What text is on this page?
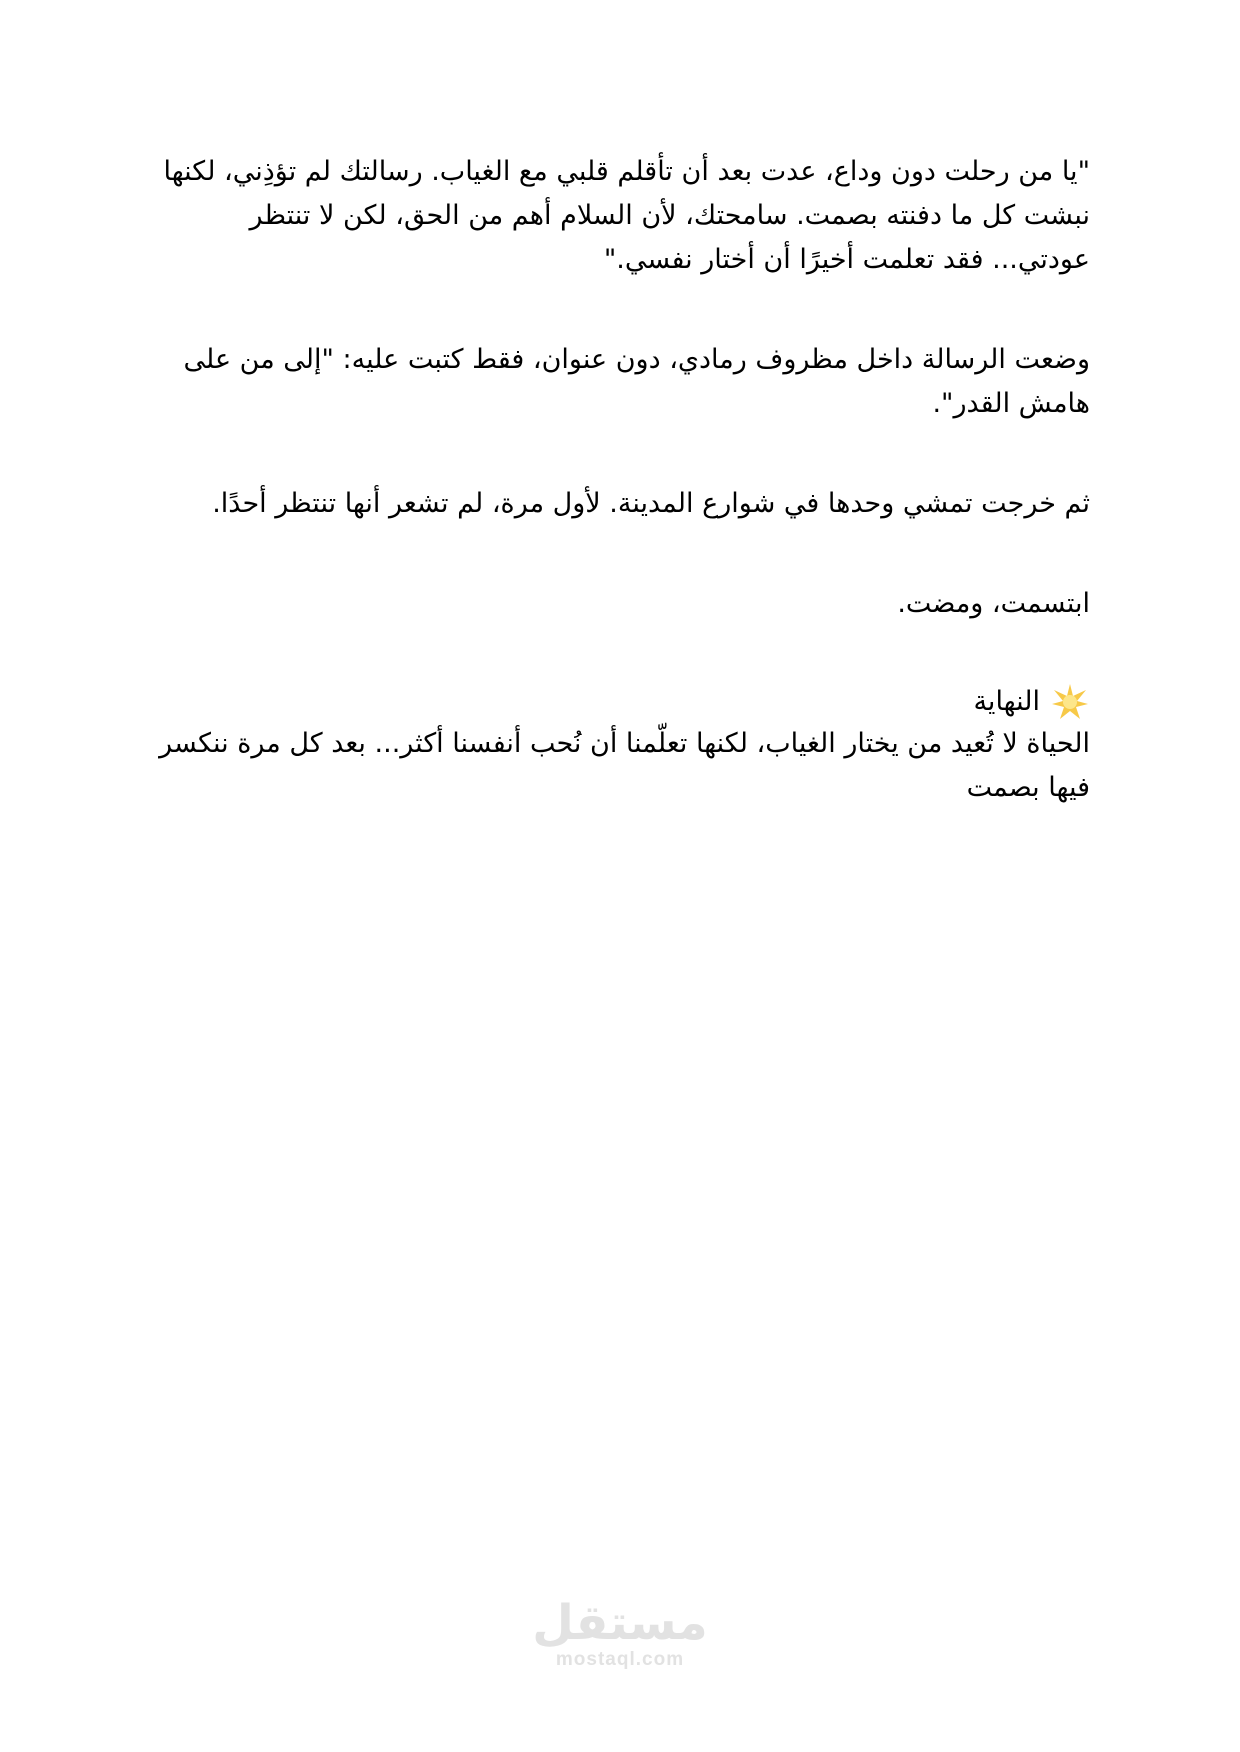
"يا من رحلت دون وداع، عدت بعد أن تأقلم قلبي مع الغياب. رسالتك لم تؤذِني، لكنها نبشت كل ما دفنته بصمت. سامحتك، لأن السلام أهم من الحق، لكن لا تنتظر عودتي... فقد تعلمت أخيرًا أن أختار نفسي."

وضعت الرسالة داخل مظروف رمادي، دون عنوان، فقط كتبت عليه: "إلى من على هامش القدر".

ثم خرجت تمشي وحدها في شوارع المدينة. لأول مرة، لم تشعر أنها تنتظر أحدًا.

ابتسمت، ومضت.

النهاية

الحياة لا تُعيد من يختار الغياب، لكنها تعلّمنا أن نُحب أنفسنا أكثر... بعد كل مرة ننكسر فيها بصمت

مستقل
mostaql.com
